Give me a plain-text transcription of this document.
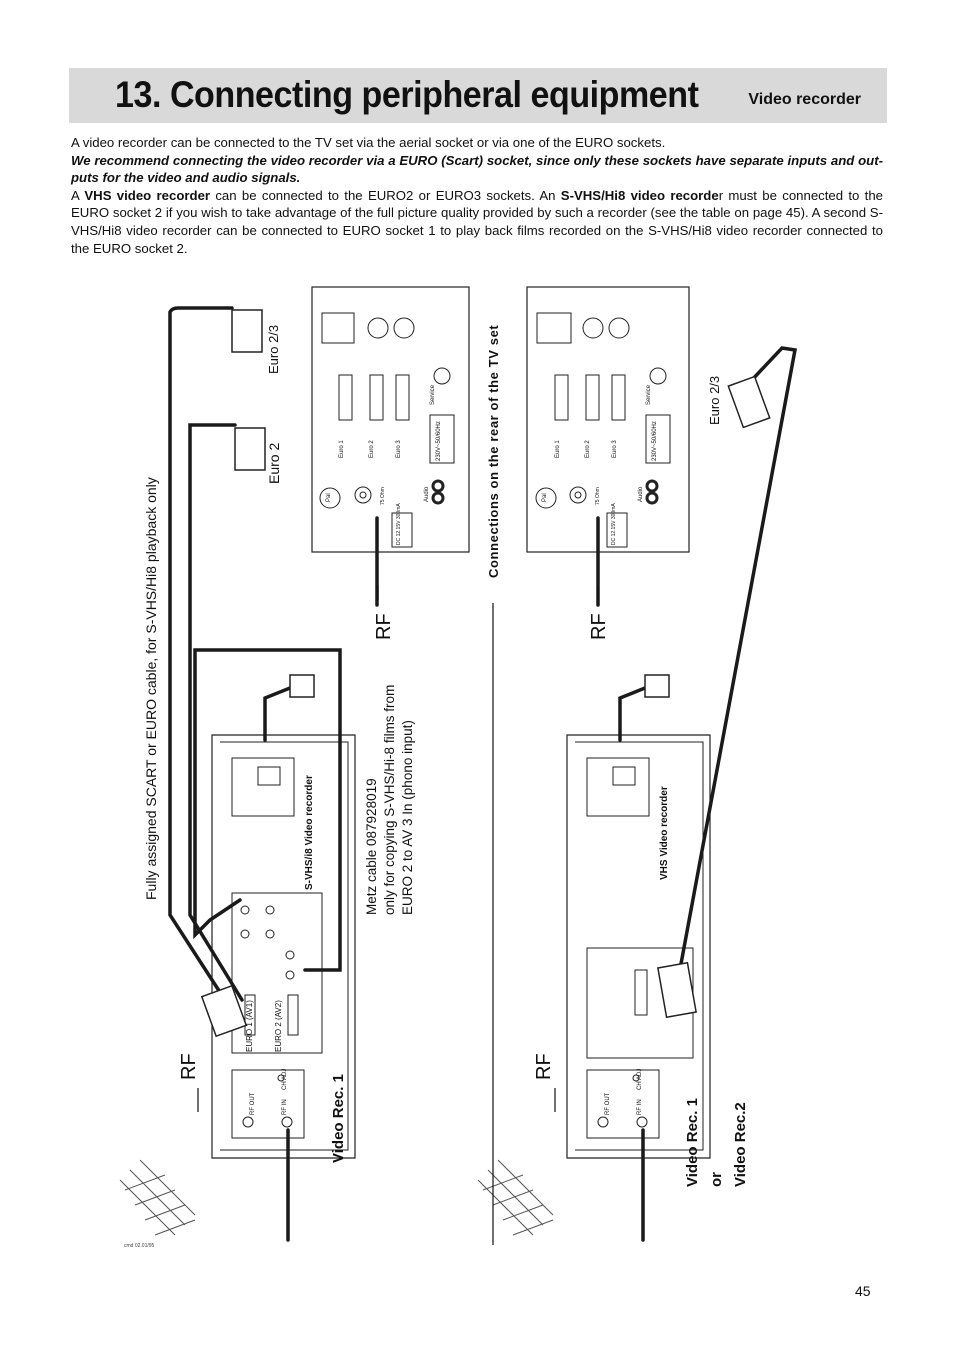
13. Connecting peripheral equipment	Video recorder

A video recorder can be connected to the TV set via the aerial socket or via one of the EURO sockets.

We recommend connecting the video recorder via a EURO (Scart) socket, since only these sockets have separate inputs and out-puts for the video and audio signals.

A VHS video recorder can be connected to the EURO2 or EURO3 sockets. An S-VHS/Hi8 video recorder must be connected to the EURO socket 2 if you wish to take advantage of the full picture quality provided by such a recorder (see the table on page 45). A second S-VHS/Hi8 video recorder can be connected to EURO socket 1 to play back films recorded on the S-VHS/Hi8 video recorder connected to the EURO socket 2.

Fully assigned SCART or EURO cable, for S-VHS/Hi8 playback only
Euro 2/3
Euro 2
RF	RF
RF	RF
S-VHS/i8 Video recorder	Metz cable 087928019 only for copying S-VHS/Hi-8 films from EURO 2 to AV 3 In (phono input)
Video Rec. 1
Connections on the rear of the TV set	Euro 2/3
VHS Video recorder
Video Rec. 1 or Video Rec.2
EURO 1 (AV1)	EURO 2 (AV2)
RF OUT	RF IN
CH ADJ
RF OUT	RF IN
CH ADJ
Euro 1	Euro 2	Euro 3	230V~50/60Hz
Service
Audio
DC 12.15V 300mA
75 Ohm
Pal
Euro 1	Euro 2	Euro 3	230V~50/60Hz
Service
Audio
DC 12.15V 300mA
75 Ohm
Pal
cmd 02.01/95
45
